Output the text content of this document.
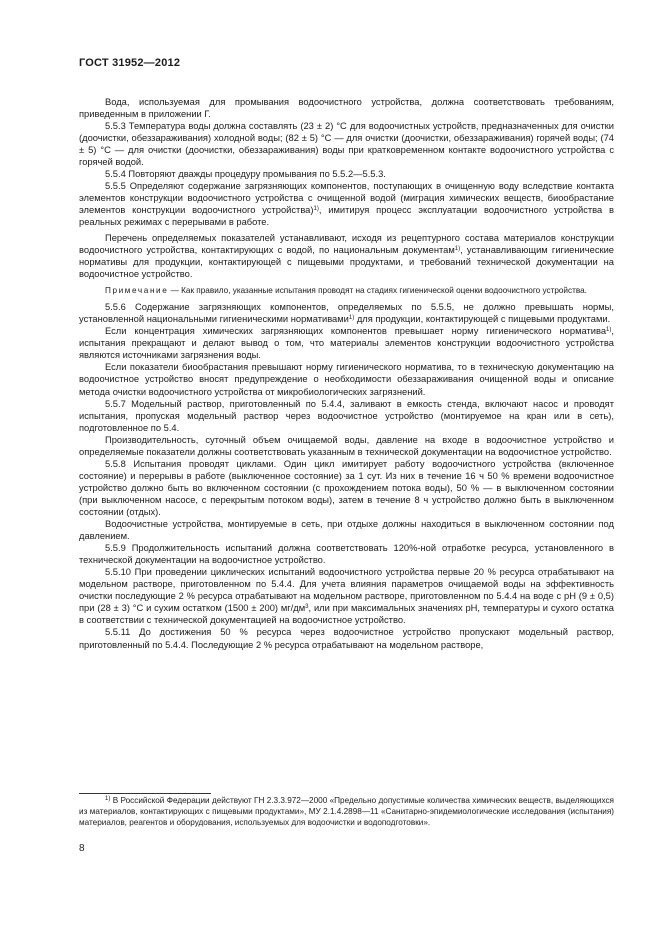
ГОСТ 31952—2012

Вода, используемая для промывания водоочистного устройства, должна соответствовать требованиям, приведенным в приложении Г.

5.5.3 Температура воды должна составлять (23 ± 2) °С для водоочистных устройств, предназначенных для очистки (доочистки, обеззараживания) холодной воды; (82 ± 5) °С — для очистки (доочистки, обеззараживания) горячей воды; (74 ± 5) °С — для очистки (доочистки, обеззараживания) воды при кратковременном контакте водоочистного устройства с горячей водой.

5.5.4 Повторяют дважды процедуру промывания по 5.5.2—5.5.3.

5.5.5 Определяют содержание загрязняющих компонентов, поступающих в очищенную воду вследствие контакта элементов конструкции водоочистного устройства с очищенной водой (миграция химических веществ, биообрастание элементов конструкции водоочистного устройства)$^{1)}$, имитируя процесс эксплуатации водоочистного устройства в реальных режимах с перерывами в работе.

Перечень определяемых показателей устанавливают, исходя из рецептурного состава материалов конструкции водоочистного устройства, контактирующих с водой, по национальным документам$^{1)}$, устанавливающим гигиенические нормативы для продукции, контактирующей с пищевыми продуктами, и требований технической документации на водоочистное устройство.

Примечание — Как правило, указанные испытания проводят на стадиях гигиенической оценки водоочистного устройства.

5.5.6 Содержание загрязняющих компонентов, определяемых по 5.5.5, не должно превышать нормы, установленной национальными гигиеническими нормативами$^{1)}$ для продукции, контактирующей с пищевыми продуктами.

Если концентрация химических загрязняющих компонентов превышает норму гигиенического норматива$^{1)}$, испытания прекращают и делают вывод о том, что материалы элементов конструкции водоочистного устройства являются источниками загрязнения воды.

Если показатели биообрастания превышают норму гигиенического норматива, то в техническую документацию на водоочистное устройство вносят предупреждение о необходимости обеззараживания очищенной воды и описание метода очистки водоочистного устройства от микробиологических загрязнений.

5.5.7 Модельный раствор, приготовленный по 5.4.4, заливают в емкость стенда, включают насос и проводят испытания, пропуская модельный раствор через водоочистное устройство (монтируемое на кран или в сеть), подготовленное по 5.4.

Производительность, суточный объем очищаемой воды, давление на входе в водоочистное устройство и определяемые показатели должны соответствовать указанным в технической документации на водоочистное устройство.

5.5.8 Испытания проводят циклами. Один цикл имитирует работу водоочистного устройства (включенное состояние) и перерывы в работе (выключенное состояние) за 1 сут. Из них в течение 16 ч 50 % времени водоочистное устройство должно быть во включенном состоянии (с прохождением потока воды), 50 % — в выключенном состоянии (при выключенном насосе, с перекрытым потоком воды), затем в течение 8 ч устройство должно быть в выключенном состоянии (отдых).

Водоочистные устройства, монтируемые в сеть, при отдыхе должны находиться в выключенном состоянии под давлением.

5.5.9 Продолжительность испытаний должна соответствовать 120%-ной отработке ресурса, установленного в технической документации на водоочистное устройство.

5.5.10 При проведении циклических испытаний водоочистного устройства первые 20 % ресурса отрабатывают на модельном растворе, приготовленном по 5.4.4. Для учета влияния параметров очищаемой воды на эффективность очистки последующие 2 % ресурса отрабатывают на модельном растворе, приготовленном по 5.4.4 на воде с pH (9 ± 0,5) при (28 ± 3) °С и сухим остатком (1500 ± 200) $мг/дм^3$, или при максимальных значениях pH, температуры и сухого остатка в соответствии с технической документацией на водоочистное устройство.

5.5.11 До достижения 50 % ресурса через водоочистное устройство пропускают модельный раствор, приготовленный по 5.4.4. Последующие 2 % ресурса отрабатывают на модельном растворе,

$^{1)}$ В Российской Федерации действуют ГН 2.3.3.972—2000 «Предельно допустимые количества химических веществ, выделяющихся из материалов, контактирующих с пищевыми продуктами», МУ 2.1.4.2898—11 «Санитарно-эпидемиологические исследования (испытания) материалов, реагентов и оборудования, используемых для водоочистки и водоподготовки».

8
